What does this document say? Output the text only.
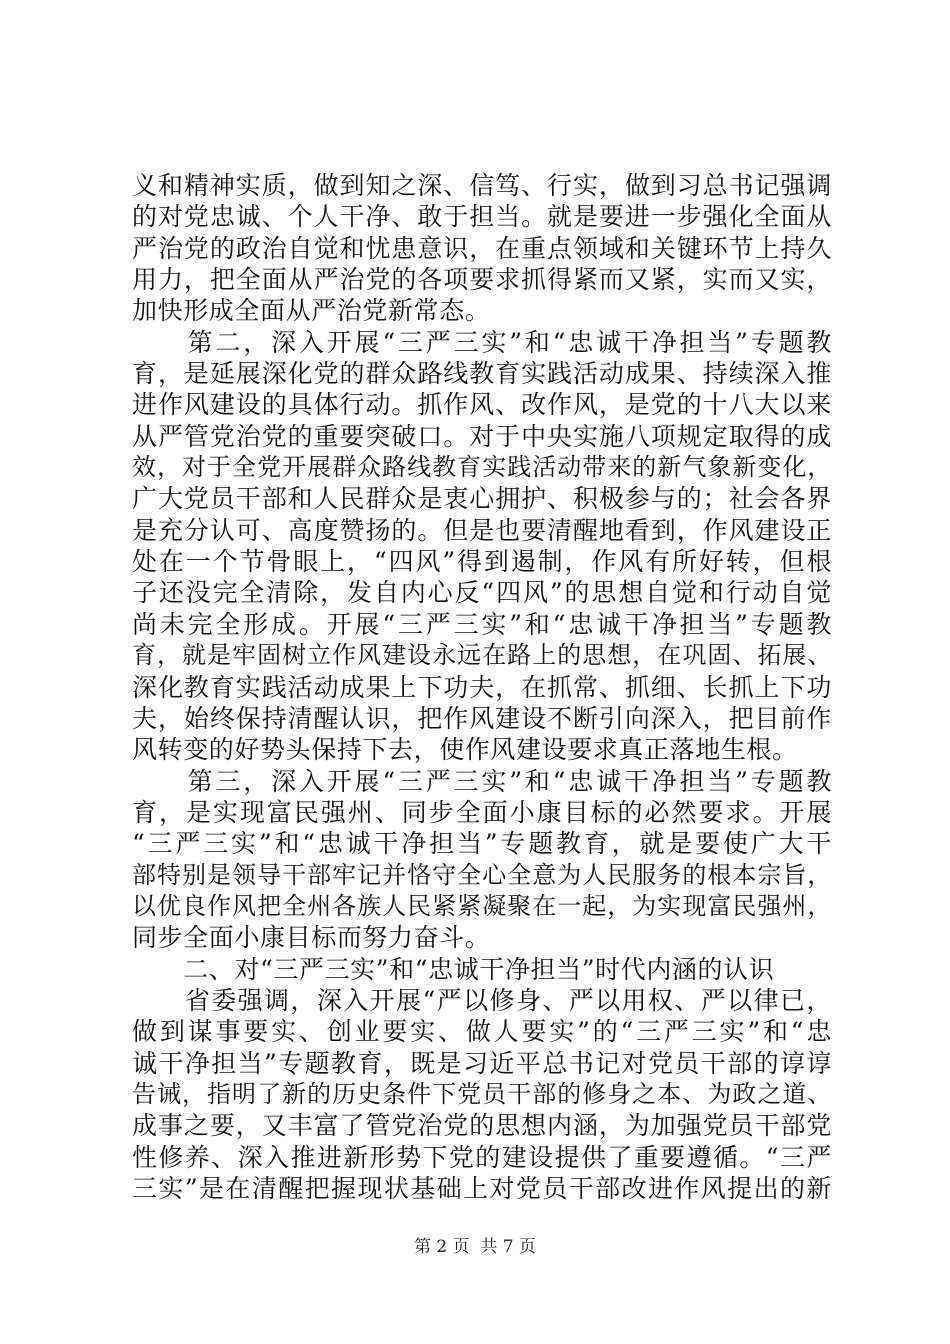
义和精神实质，做到知之深、信笃、行实，做到习总书记强调
的对党忠诚、个人干净、敢于担当。就是要进一步强化全面从
严治党的政治自觉和忧患意识，在重点领域和关键环节上持久
用力，把全面从严治党的各项要求抓得紧而又紧，实而又实，
加快形成全面从严治党新常态。
　　第二，深入开展“三严三实”和“忠诚干净担当”专题教
育，是延展深化党的群众路线教育实践活动成果、持续深入推
进作风建设的具体行动。抓作风、改作风，是党的十八大以来
从严管党治党的重要突破口。对于中央实施八项规定取得的成
效，对于全党开展群众路线教育实践活动带来的新气象新变化，
广大党员干部和人民群众是衷心拥护、积极参与的；社会各界
是充分认可、高度赞扬的。但是也要清醒地看到，作风建设正
处在一个节骨眼上，“四风”得到遏制，作风有所好转，但根
子还没完全清除，发自内心反“四风”的思想自觉和行动自觉
尚未完全形成。开展“三严三实”和“忠诚干净担当”专题教
育，就是牢固树立作风建设永远在路上的思想，在巩固、拓展、
深化教育实践活动成果上下功夫，在抓常、抓细、长抓上下功
夫，始终保持清醒认识，把作风建设不断引向深入，把目前作
风转变的好势头保持下去，使作风建设要求真正落地生根。
　　第三，深入开展“三严三实”和“忠诚干净担当”专题教
育，是实现富民强州、同步全面小康目标的必然要求。开展
“三严三实”和“忠诚干净担当”专题教育，就是要使广大干
部特别是领导干部牢记并恪守全心全意为人民服务的根本宗旨，
以优良作风把全州各族人民紧紧凝聚在一起，为实现富民强州，
同步全面小康目标而努力奋斗。
　　二、对“三严三实”和“忠诚干净担当”时代内涵的认识
　　省委强调，深入开展“严以修身、严以用权、严以律已，
做到谋事要实、创业要实、做人要实”的“三严三实”和“忠
诚干净担当”专题教育，既是习近平总书记对党员干部的谆谆
告诫，指明了新的历史条件下党员干部的修身之本、为政之道、
成事之要，又丰富了管党治党的思想内涵，为加强党员干部党
性修养、深入推进新形势下党的建设提供了重要遵循。“三严
三实”是在清醒把握现状基础上对党员干部改进作风提出的新
第 2 页  共 7 页
